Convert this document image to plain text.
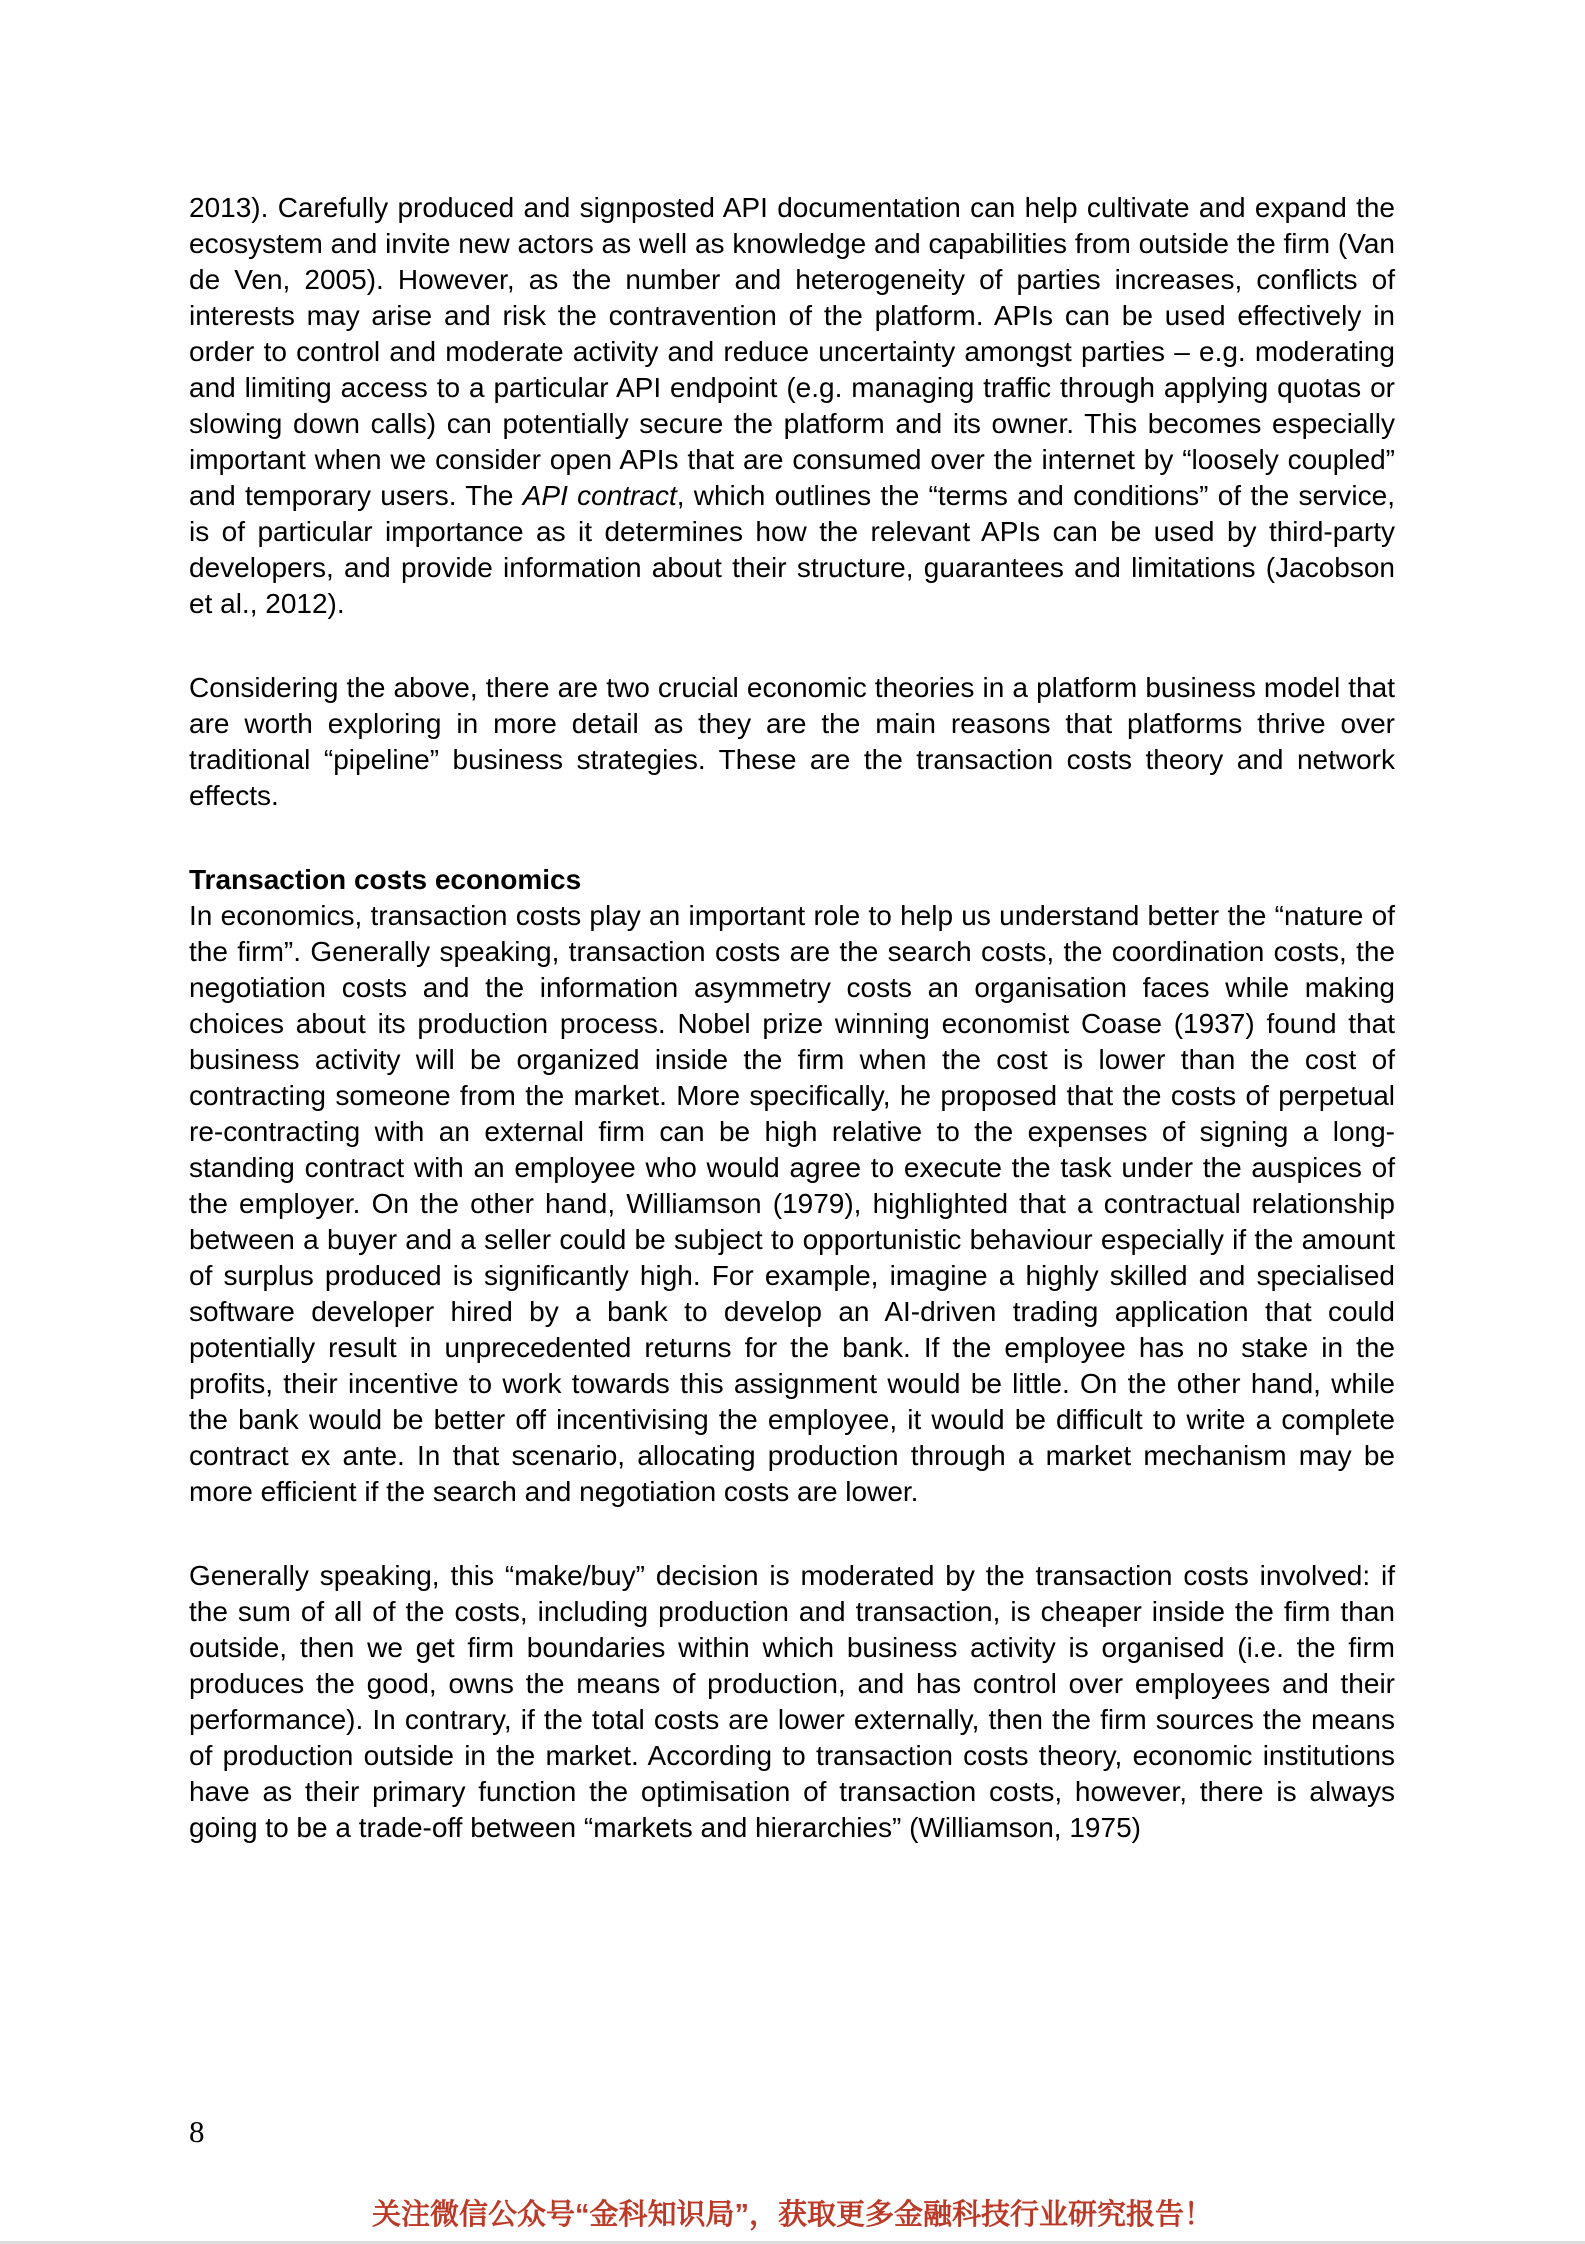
2013). Carefully produced and signposted API documentation can help cultivate and expand the ecosystem and invite new actors as well as knowledge and capabilities from outside the firm (Van de Ven, 2005). However, as the number and heterogeneity of parties increases, conflicts of interests may arise and risk the contravention of the platform. APIs can be used effectively in order to control and moderate activity and reduce uncertainty amongst parties – e.g. moderating and limiting access to a particular API endpoint (e.g. managing traffic through applying quotas or slowing down calls) can potentially secure the platform and its owner. This becomes especially important when we consider open APIs that are consumed over the internet by “loosely coupled” and temporary users. The API contract, which outlines the “terms and conditions” of the service, is of particular importance as it determines how the relevant APIs can be used by third-party developers, and provide information about their structure, guarantees and limitations (Jacobson et al., 2012).

Considering the above, there are two crucial economic theories in a platform business model that are worth exploring in more detail as they are the main reasons that platforms thrive over traditional “pipeline” business strategies. These are the transaction costs theory and network effects.

Transaction costs economics

In economics, transaction costs play an important role to help us understand better the “nature of the firm”. Generally speaking, transaction costs are the search costs, the coordination costs, the negotiation costs and the information asymmetry costs an organisation faces while making choices about its production process. Nobel prize winning economist Coase (1937) found that business activity will be organized inside the firm when the cost is lower than the cost of contracting someone from the market. More specifically, he proposed that the costs of perpetual re-contracting with an external firm can be high relative to the expenses of signing a long-standing contract with an employee who would agree to execute the task under the auspices of the employer. On the other hand, Williamson (1979), highlighted that a contractual relationship between a buyer and a seller could be subject to opportunistic behaviour especially if the amount of surplus produced is significantly high. For example, imagine a highly skilled and specialised software developer hired by a bank to develop an AI-driven trading application that could potentially result in unprecedented returns for the bank. If the employee has no stake in the profits, their incentive to work towards this assignment would be little. On the other hand, while the bank would be better off incentivising the employee, it would be difficult to write a complete contract ex ante. In that scenario, allocating production through a market mechanism may be more efficient if the search and negotiation costs are lower.

Generally speaking, this “make/buy” decision is moderated by the transaction costs involved: if the sum of all of the costs, including production and transaction, is cheaper inside the firm than outside, then we get firm boundaries within which business activity is organised (i.e. the firm produces the good, owns the means of production, and has control over employees and their performance). In contrary, if the total costs are lower externally, then the firm sources the means of production outside in the market. According to transaction costs theory, economic institutions have as their primary function the optimisation of transaction costs, however, there is always going to be a trade-off between “markets and hierarchies” (Williamson, 1975)

8
关注微信公众号“金科知识局”，获取更多金融科技行业研究报告！
